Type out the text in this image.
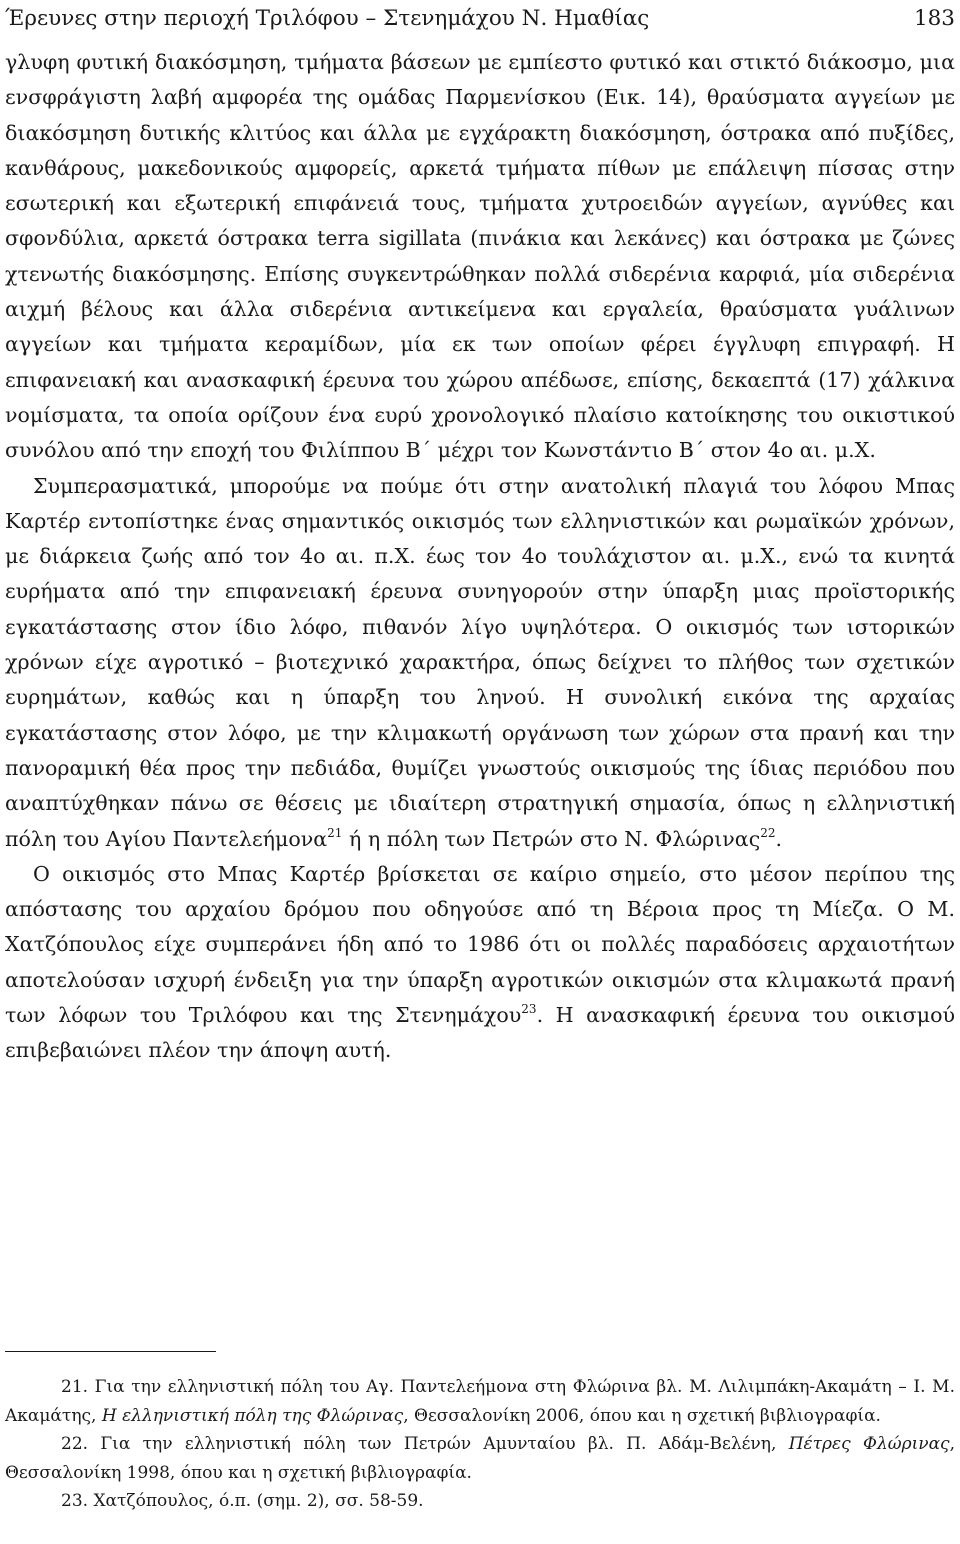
Έρευνες στην περιοχή Τριλόφου – Στενημάχου Ν. Ημαθίας	183

γλυφη φυτική διακόσμηση, τμήματα βάσεων με εμπίεστο φυτικό και στικτό διάκοσμο, μια ενσφράγιστη λαβή αμφορέα της ομάδας Παρμενίσκου (Εικ. 14), θραύσματα αγγείων με διακόσμηση δυτικής κλιτύος και άλλα με εγχάρακτη διακόσμηση, όστρακα από πυξίδες, κανθάρους, μακεδονικούς αμφορείς, αρκετά τμήματα πίθων με επάλειψη πίσσας στην εσωτερική και εξωτερική επιφάνειά τους, τμήματα χυτροειδών αγγείων, αγνύθες και σφονδύλια, αρκετά όστρακα terra sigillata (πινάκια και λεκάνες) και όστρακα με ζώνες χτενωτής διακόσμησης. Επίσης συγκεντρώθηκαν πολλά σιδερένια καρφιά, μία σιδερένια αιχμή βέλους και άλλα σιδερένια αντικείμενα και εργαλεία, θραύσματα γυάλινων αγγείων και τμήματα κεραμίδων, μία εκ των οποίων φέρει έγγλυφη επιγραφή. Η επιφανειακή και ανασκαφική έρευνα του χώρου απέδωσε, επίσης, δεκαεπτά (17) χάλκινα νομίσματα, τα οποία ορίζουν ένα ευρύ χρονολογικό πλαίσιο κατοίκησης του οικιστικού συνόλου από την εποχή του Φιλίππου Β΄ μέχρι τον Κωνστάντιο Β΄ στον 4ο αι. μ.Χ.

Συμπερασματικά, μπορούμε να πούμε ότι στην ανατολική πλαγιά του λόφου Μπας Καρτέρ εντοπίστηκε ένας σημαντικός οικισμός των ελληνιστικών και ρωμαϊκών χρόνων, με διάρκεια ζωής από τον 4ο αι. π.Χ. έως τον 4ο τουλάχιστον αι. μ.Χ., ενώ τα κινητά ευρήματα από την επιφανειακή έρευνα συνηγορούν στην ύπαρξη μιας προϊστορικής εγκατάστασης στον ίδιο λόφο, πιθανόν λίγο υψηλότερα. Ο οικισμός των ιστορικών χρόνων είχε αγροτικό – βιοτεχνικό χαρακτήρα, όπως δείχνει το πλήθος των σχετικών ευρημάτων, καθώς και η ύπαρξη του ληνού. Η συνολική εικόνα της αρχαίας εγκατάστασης στον λόφο, με την κλιμακωτή οργάνωση των χώρων στα πρανή και την πανοραμική θέα προς την πεδιάδα, θυμίζει γνωστούς οικισμούς της ίδιας περιόδου που αναπτύχθηκαν πάνω σε θέσεις με ιδιαίτερη στρατηγική σημασία, όπως η ελληνιστική πόλη του Αγίου Παντελεήμονα$^{21}$ ή η πόλη των Πετρών στο Ν. Φλώρινας$^{22}$.

Ο οικισμός στο Μπας Καρτέρ βρίσκεται σε καίριο σημείο, στο μέσον περίπου της απόστασης του αρχαίου δρόμου που οδηγούσε από τη Βέροια προς τη Μίεζα. Ο Μ. Χατζόπουλος είχε συμπεράνει ήδη από το 1986 ότι οι πολλές παραδόσεις αρχαιοτήτων αποτελούσαν ισχυρή ένδειξη για την ύπαρξη αγροτικών οικισμών στα κλιμακωτά πρανή των λόφων του Τριλόφου και της Στενημάχου$^{23}$. Η ανασκαφική έρευνα του οικισμού επιβεβαιώνει πλέον την άποψη αυτή.

21. Για την ελληνιστική πόλη του Αγ. Παντελεήμονα στη Φλώρινα βλ. Μ. Λιλιμπάκη-Ακαμάτη – Ι. Μ. Ακαμάτης, Η ελληνιστική πόλη της Φλώρινας, Θεσσαλονίκη 2006, όπου και η σχετική βιβλιογραφία.

22. Για την ελληνιστική πόλη των Πετρών Αμυνταίου βλ. Π. Αδάμ-Βελένη, Πέτρες Φλώρινας, Θεσσαλονίκη 1998, όπου και η σχετική βιβλιογραφία.

23. Χατζόπουλος, ό.π. (σημ. 2), σσ. 58-59.
